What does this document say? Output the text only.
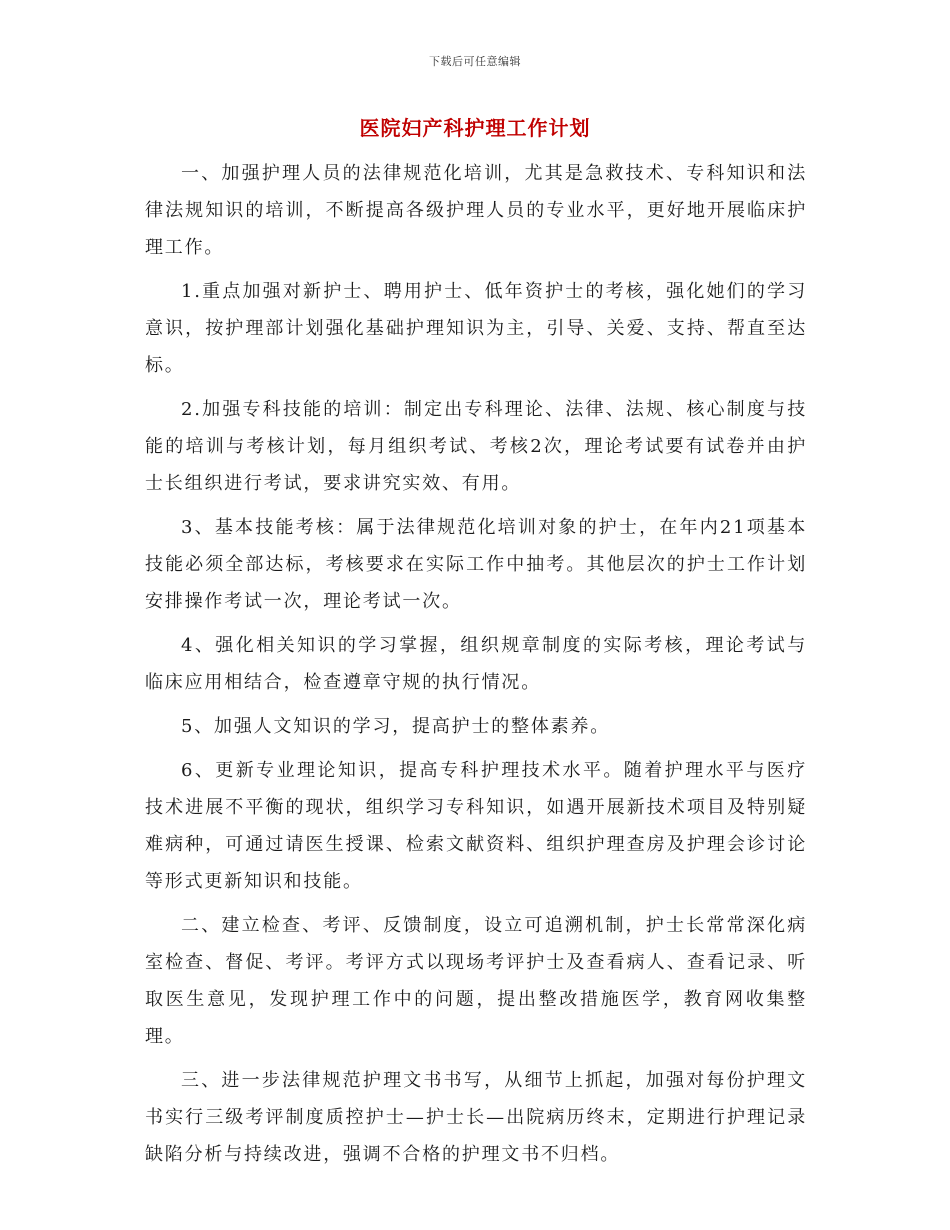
下载后可任意编辑
医院妇产科护理工作计划

一、加强护理人员的法律规范化培训，尤其是急救技术、专科知识和法律法规知识的培训，不断提高各级护理人员的专业水平，更好地开展临床护理工作。

1.重点加强对新护士、聘用护士、低年资护士的考核，强化她们的学习意识，按护理部计划强化基础护理知识为主，引导、关爱、支持、帮直至达标。

2.加强专科技能的培训：制定出专科理论、法律、法规、核心制度与技能的培训与考核计划，每月组织考试、考核2次，理论考试要有试卷并由护士长组织进行考试，要求讲究实效、有用。

3、基本技能考核：属于法律规范化培训对象的护士，在年内21项基本技能必须全部达标，考核要求在实际工作中抽考。其他层次的护士工作计划安排操作考试一次，理论考试一次。

4、强化相关知识的学习掌握，组织规章制度的实际考核，理论考试与临床应用相结合，检查遵章守规的执行情况。

5、加强人文知识的学习，提高护士的整体素养。

6、更新专业理论知识，提高专科护理技术水平。随着护理水平与医疗技术进展不平衡的现状，组织学习专科知识，如遇开展新技术项目及特别疑难病种，可通过请医生授课、检索文献资料、组织护理查房及护理会诊讨论等形式更新知识和技能。

二、建立检查、考评、反馈制度，设立可追溯机制，护士长常常深化病室检查、督促、考评。考评方式以现场考评护士及查看病人、查看记录、听取医生意见，发现护理工作中的问题，提出整改措施医学，教育网收集整理。

三、进一步法律规范护理文书书写，从细节上抓起，加强对每份护理文书实行三级考评制度质控护士—护士长—出院病历终末，定期进行护理记录缺陷分析与持续改进，强调不合格的护理文书不归档。
